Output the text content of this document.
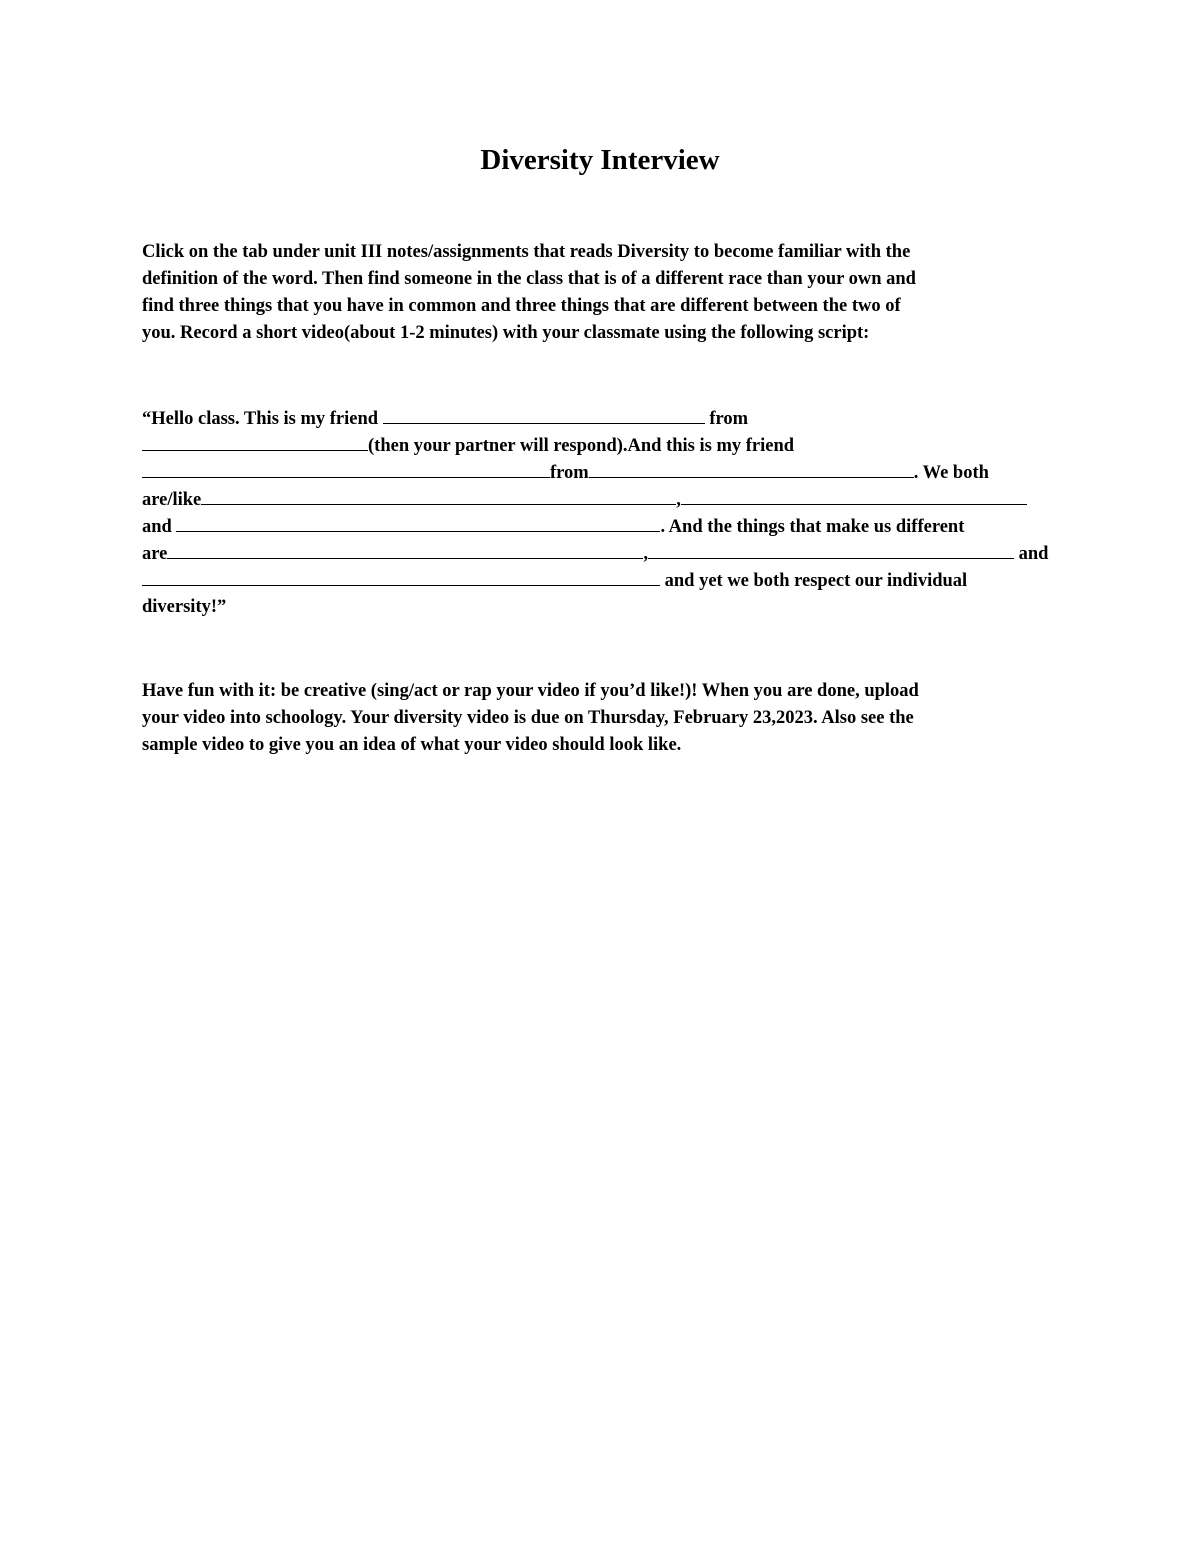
Diversity Interview

Click on the tab under unit III notes/assignments that reads Diversity to become familiar with the

definition of the word. Then find someone in the class that is of a different race than your own and

find three things that you have in common and three things that are different between the two of

you. Record a short video(about 1-2 minutes) with your classmate using the following script:

“Hello class. This is my friend	from

(then your partner will respond).And this is my friend

from	. We both

are/like	,

and	. And the things that make us different

are	,	and

and yet we both respect our individual

diversity!”

Have fun with it: be creative (sing/act or rap your video if you’d like!)! When you are done, upload

your video into schoology. Your diversity video is due on Thursday, February 23,2023. Also see the

sample video to give you an idea of what your video should look like.
